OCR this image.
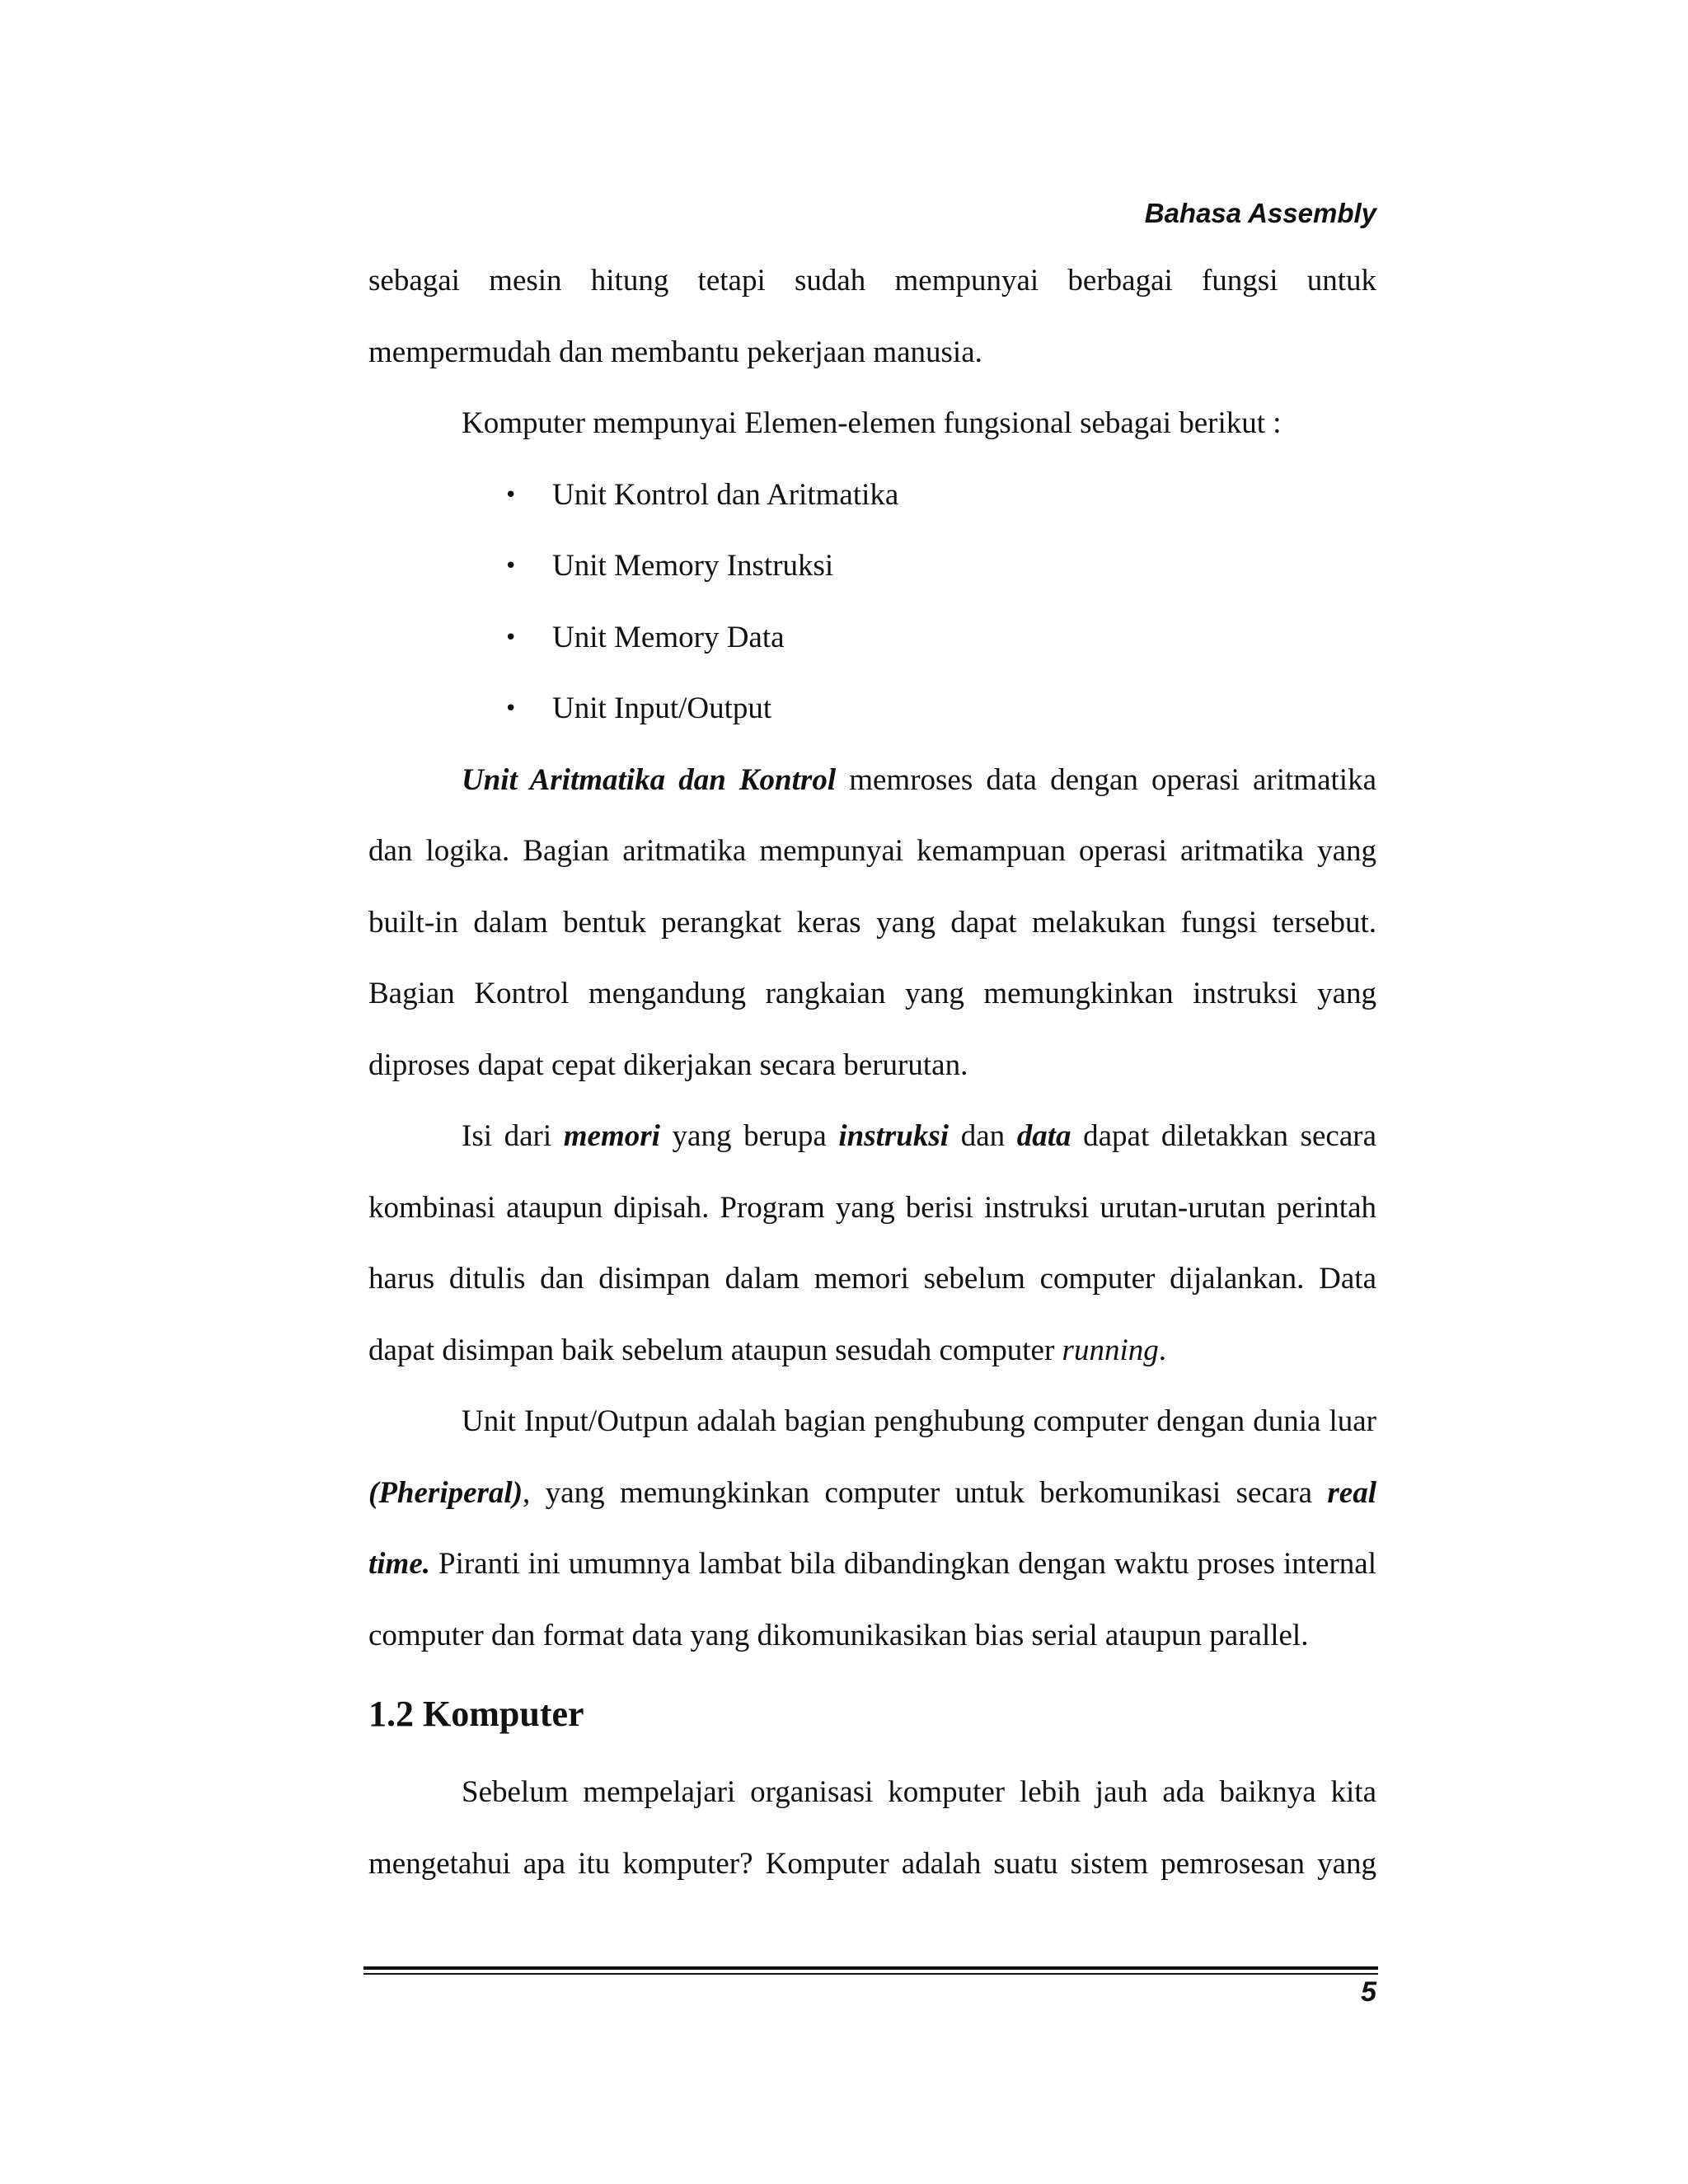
Bahasa Assembly

sebagai mesin hitung tetapi sudah mempunyai berbagai fungsi untuk mempermudah dan membantu pekerjaan manusia.

Komputer mempunyai Elemen-elemen fungsional sebagai berikut :

• Unit Kontrol dan Aritmatika
• Unit Memory Instruksi
• Unit Memory Data
• Unit Input/Output

Unit Aritmatika dan Kontrol memroses data dengan operasi aritmatika dan logika. Bagian aritmatika mempunyai kemampuan operasi aritmatika yang built-in dalam bentuk perangkat keras yang dapat melakukan fungsi tersebut. Bagian Kontrol mengandung rangkaian yang memungkinkan instruksi yang diproses dapat cepat dikerjakan secara berurutan.

Isi dari memori yang berupa instruksi dan data dapat diletakkan secara kombinasi ataupun dipisah. Program yang berisi instruksi urutan-urutan perintah harus ditulis dan disimpan dalam memori sebelum computer dijalankan. Data dapat disimpan baik sebelum ataupun sesudah computer running.

Unit Input/Outpun adalah bagian penghubung computer dengan dunia luar (Pheriperal), yang memungkinkan computer untuk berkomunikasi secara real time. Piranti ini umumnya lambat bila dibandingkan dengan waktu proses internal computer dan format data yang dikomunikasikan bias serial ataupun parallel.

1.2 Komputer

Sebelum mempelajari organisasi komputer lebih jauh ada baiknya kita mengetahui apa itu komputer? Komputer adalah suatu sistem pemrosesan yang

5
